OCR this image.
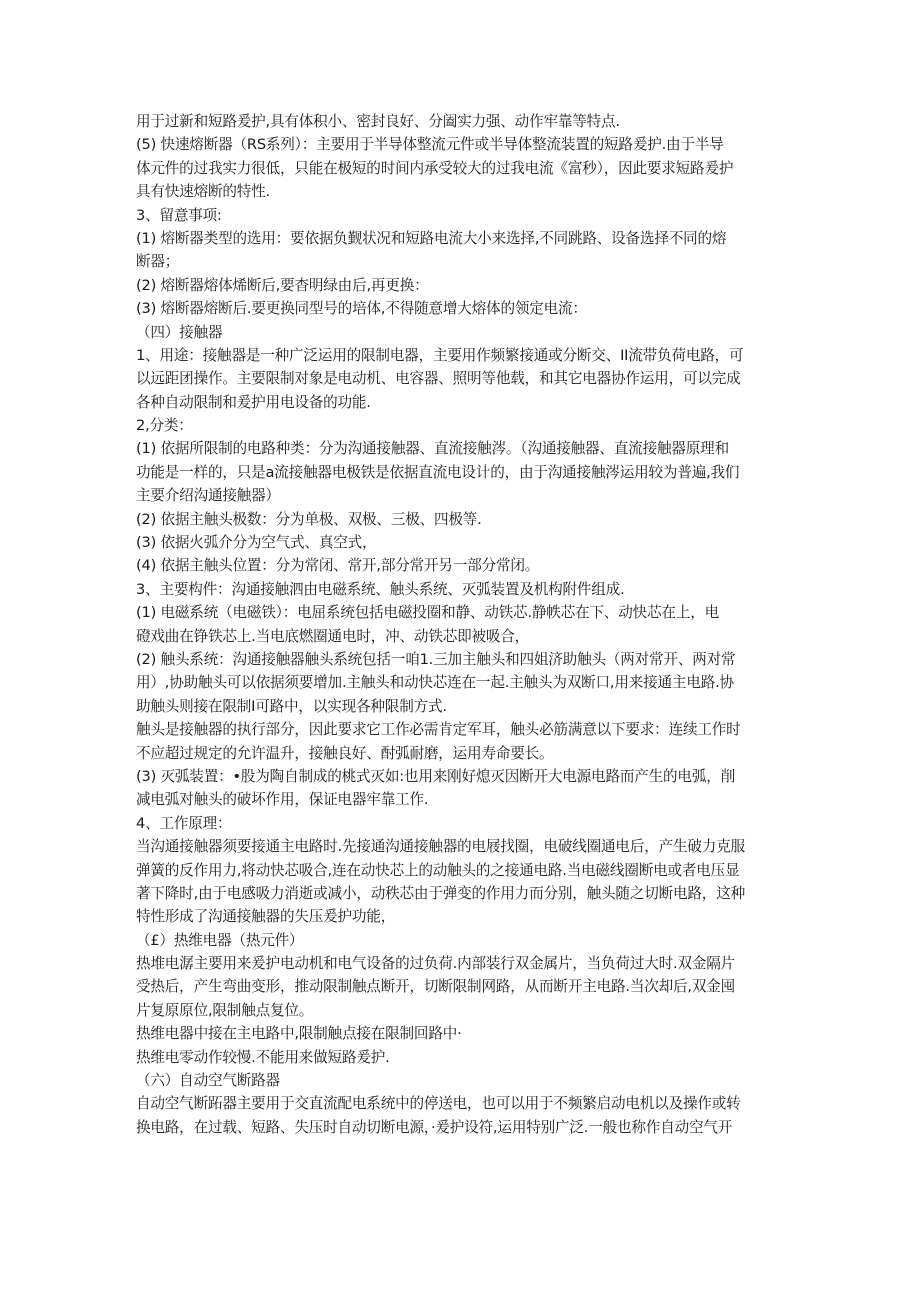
用于过新和短路爰护,具有体积小、密封良好、分阖实力强、动作牢靠等特点.
(5) 快速熔断器（RS系列）：主要用于半导体整流元件或半导体整流装置的短路爰护.由于半导
体元件的过我实力很低，只能在极短的时间内承受较大的过我电流《富秒），因此要求短路爰护
具有快速熔断的特性.
3、留意事项:
(1) 熔断器类型的选用：要依据负觐状况和短路电流大小来选择,不同跳路、设备选择不同的熔
断器；
(2) 熔断器熔体烯断后,要杳明绿由后,再更换：
(3) 熔断器熔断后.要更换同型号的培体,不得随意增大熔体的领定电流：
（四）接触器
1、用途：接触器是一种广泛运用的限制电器，主要用作频繁接通或分断交、II流带负荷电路，可
以远距团操作。主要限制对象是电动机、电容器、照明等他载，和其它电器协作运用，可以完成
各种自动限制和爰护用电设备的功能.
2,分类：
(1) 依据所限制的电路种类：分为沟通接触器、直流接触涔。（沟通接触器、直流接触器原理和
功能是一样的，只是a流接触器电极铁是依据直流电设计的，由于沟通接触涔运用较为普遍,我们
主要介绍沟通接触器）
(2) 依据主触头极数：分为单极、双极、三极、四极等.
(3) 依据火弧介分为空气式、真空式，
(4) 依据主触头位置：分为常闭、常开,部分常开另一部分常闭。
3、主要构件：沟通接触泗由电磁系统、触头系统、灭弧装置及机构附件组成.
(1) 电磁系统（电磁铁）：电屈系统包括电磁投圈和静、动铁芯.静帙芯在下、动快芯在上，电
磴戏曲在铮铁芯上.当电底燃圈通电时，冲、动铁芯即被吸合，
(2) 触头系统：沟通接触器触头系统包括一咱1.三加主触头和四姐济助触头（两对常开、两对常
用）,协助触头可以依据须要增加.主触头和动快芯连在一起.主触头为双断口,用来接通主电路.协
助触头则接在限制I可路中，以实现各种限制方式.
触头是接触器的执行部分，因此要求它工作必需肯定军耳，触头必筋满意以下要求：连续工作时
不应超过规定的允许温升，接触良好、酎弧耐磨，运用寿命要长。
(3) 灭弧装置：•股为陶自制成的桃式灭如:也用来刚好熄灭因断开大电源电路而产生的电弧，削
减电弧对触头的破坏作用，保证电器牢靠工作.
4、工作原理：
当沟通接触器须要接通主电路时.先接通沟通接触器的电屐找圈，电破线圈通电后，产生破力克服
弹簧的反作用力,将动快芯吸合,连在动快芯上的动触头的之接通电路.当电磁线圈断电或者电压显
著下降时,由于电感吸力消逝或减小，动秩芯由于弹变的作用力而分别，触头随之切断电路，这种
特性形成了沟通接触器的失压爰护功能，
（£）热维电器（热元件）
热堆电潺主要用来爰护电动机和电气设备的过负荷.内部装行双金属片，当负荷过大时.双金隔片
受热后，产生弯曲变形，推动限制触点断开，切断限制网路，从而断开主电路.当次却后,双金囤
片复原原位,限制触点复位。
热维电器中接在主电路中,限制触点接在限制回路中·
热维电零动作较慢.不能用来做短路爰护.
（六）自动空气断路器
自动空气断跖器主要用于交直流配电系统中的停送电，也可以用于不频繁启动电机以及操作或转
换电路，在过载、短路、失压时自动切断电源，·爰护设符,运用特别广泛.一般也称作自动空气开
